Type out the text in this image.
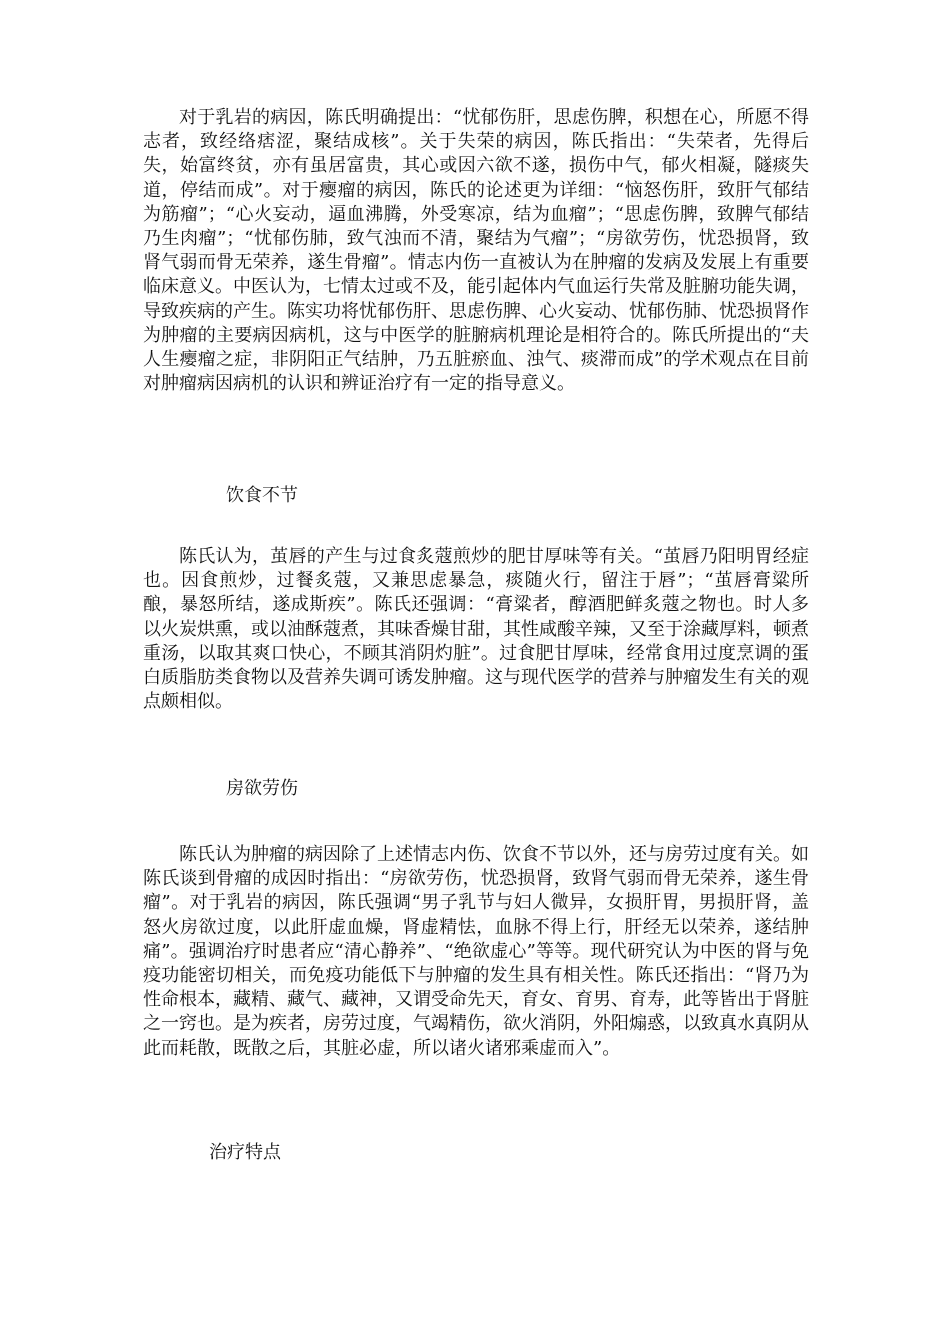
对于乳岩的病因，陈氏明确提出：“忧郁伤肝，思虑伤脾，积想在心，所愿不得志者，致经络痞涩，聚结成核”。关于失荣的病因，陈氏指出：“失荣者，先得后失，始富终贫，亦有虽居富贵，其心或因六欲不遂，损伤中气，郁火相凝，隧痰失道，停结而成”。对于瘿瘤的病因，陈氏的论述更为详细：“恼怒伤肝，致肝气郁结为筋瘤”；“心火妄动，逼血沸腾，外受寒凉，结为血瘤”；“思虑伤脾，致脾气郁结乃生肉瘤”；“忧郁伤肺，致气浊而不清，聚结为气瘤”；“房欲劳伤，忧恐损肾，致肾气弱而骨无荣养，遂生骨瘤”。情志内伤一直被认为在肿瘤的发病及发展上有重要临床意义。中医认为，七情太过或不及，能引起体内气血运行失常及脏腑功能失调，导致疾病的产生。陈实功将忧郁伤肝、思虑伤脾、心火妄动、忧郁伤肺、忧恐损肾作为肿瘤的主要病因病机，这与中医学的脏腑病机理论是相符合的。陈氏所提出的“夫人生瘿瘤之症，非阴阳正气结肿，乃五脏瘀血、浊气、痰滞而成”的学术观点在目前对肿瘤病因病机的认识和辨证治疗有一定的指导意义。

饮食不节

陈氏认为，茧唇的产生与过食炙蔻煎炒的肥甘厚味等有关。“茧唇乃阳明胃经症也。因食煎炒，过餐炙蔻，又兼思虑暴急，痰随火行，留注于唇”；“茧唇膏粱所酿，暴怒所结，遂成斯疾”。陈氏还强调：“膏粱者，醇酒肥鲜炙蔻之物也。时人多以火炭烘熏，或以油酥蔻煮，其味香燥甘甜，其性咸酸辛辣，又至于涂藏厚料，顿煮重汤，以取其爽口快心，不顾其消阴灼脏”。过食肥甘厚味，经常食用过度烹调的蛋白质脂肪类食物以及营养失调可诱发肿瘤。这与现代医学的营养与肿瘤发生有关的观点颇相似。

房欲劳伤

陈氏认为肿瘤的病因除了上述情志内伤、饮食不节以外，还与房劳过度有关。如陈氏谈到骨瘤的成因时指出：“房欲劳伤，忧恐损肾，致肾气弱而骨无荣养，遂生骨瘤”。对于乳岩的病因，陈氏强调“男子乳节与妇人微异，女损肝胃，男损肝肾，盖怒火房欲过度，以此肝虚血燥，肾虚精怯，血脉不得上行，肝经无以荣养，遂结肿痛”。强调治疗时患者应“清心静养”、“绝欲虚心”等等。现代研究认为中医的肾与免疫功能密切相关，而免疫功能低下与肿瘤的发生具有相关性。陈氏还指出：“肾乃为性命根本，藏精、藏气、藏神，又谓受命先天，育女、育男、育寿，此等皆出于肾脏之一窍也。是为疾者，房劳过度，气竭精伤，欲火消阴，外阳煽惑，以致真水真阴从此而耗散，既散之后，其脏必虚，所以诸火诸邪乘虚而入”。

治疗特点
